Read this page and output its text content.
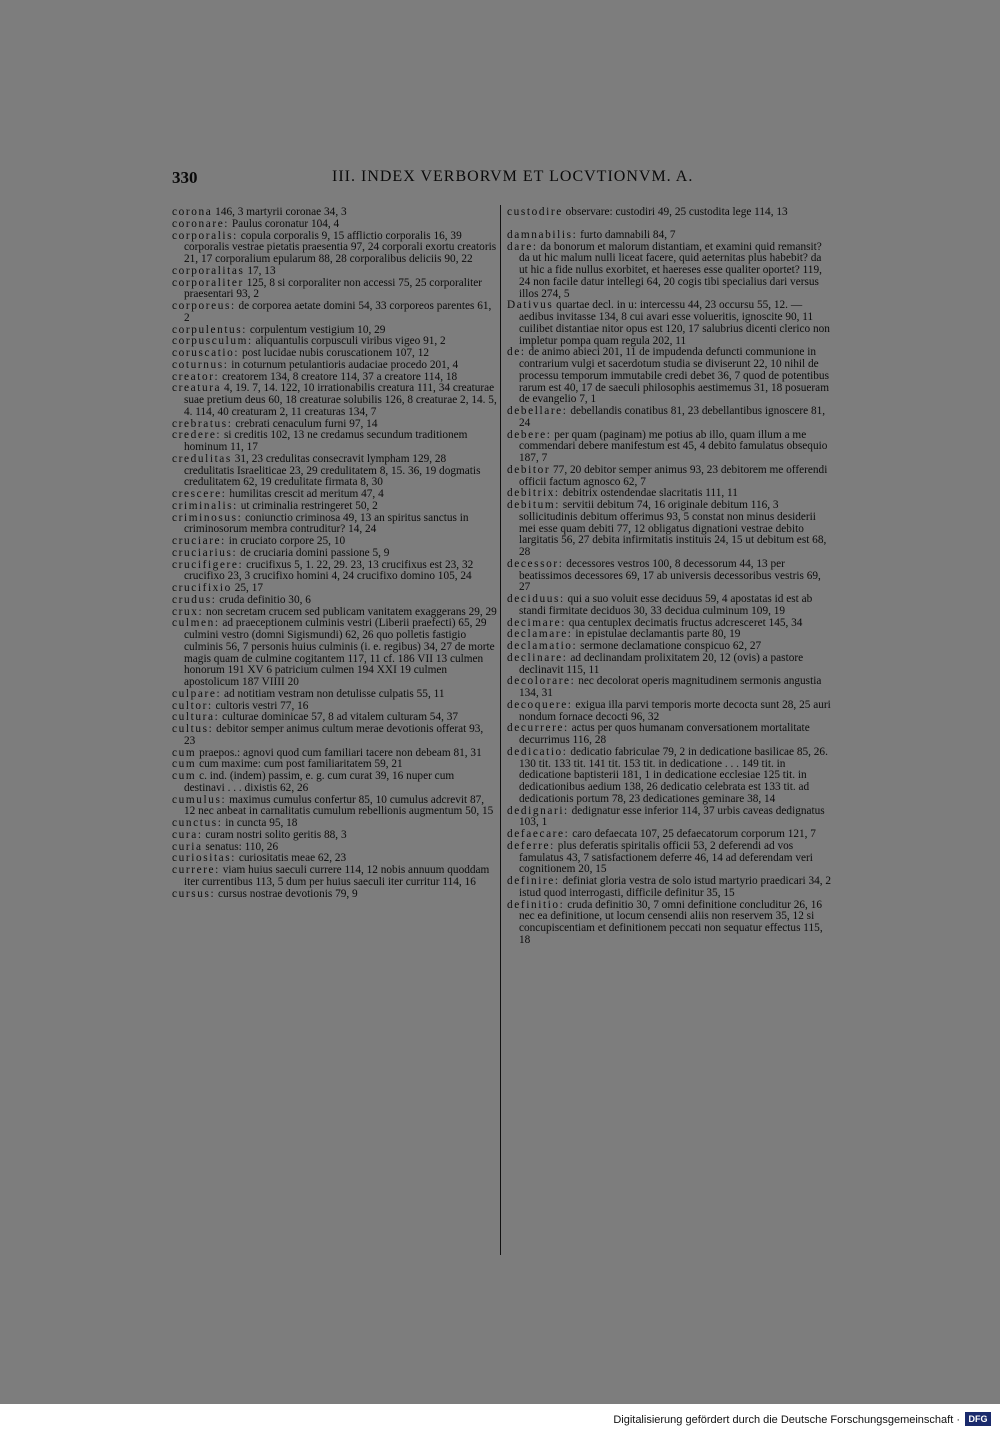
330	III. INDEX VERBORVM ET LOCVTIONVM. A.

corona 146, 3 martyrii coronae 34, 3

coronare: Paulus coronatur 104, 4

corporalis: copula corporalis 9, 15 afflictio corporalis 16, 39 corporalis vestrae pietatis praesentia 97, 24 corporali exortu creatoris 21, 17 corporalium epularum 88, 28 corporalibus deliciis 90, 22

corporalitas 17, 13

corporaliter 125, 8 si corporaliter non accessi 75, 25 corporaliter praesentari 93, 2

corporeus: de corporea aetate domini 54, 33 corporeos parentes 61, 2

corpulentus: corpulentum vestigium 10, 29

corpusculum: aliquantulis corpusculi viribus vigeo 91, 2

coruscatio: post lucidae nubis coruscationem 107, 12

coturnus: in coturnum petulantioris audaciae procedo 201, 4

creator: creatorem 134, 8 creatore 114, 37 a creatore 114, 18

creatura 4, 19. 7, 14. 122, 10 irrationabilis creatura 111, 34 creaturae suae pretium deus 60, 18 creaturae solubilis 126, 8 creaturae 2, 14. 5, 4. 114, 40 creaturam 2, 11 creaturas 134, 7

crebratus: crebrati cenaculum furni 97, 14

credere: si creditis 102, 13 ne credamus secundum traditionem hominum 11, 17

credulitas 31, 23 credulitas consecravit lympham 129, 28 credulitatis Israeliticae 23, 29 credulitatem 8, 15. 36, 19 dogmatis credulitatem 62, 19 credulitate firmata 8, 30

crescere: humilitas crescit ad meritum 47, 4

criminalis: ut criminalia restringeret 50, 2

criminosus: coniunctio criminosa 49, 13 an spiritus sanctus in criminosorum membra contruditur? 14, 24

cruciare: in cruciato corpore 25, 10

cruciarius: de cruciaria domini passione 5, 9

crucifigere: crucifixus 5, 1. 22, 29. 23, 13 crucifixus est 23, 32 crucifixo 23, 3 crucifixo homini 4, 24 crucifixo domino 105, 24

crucifixio 25, 17

crudus: cruda definitio 30, 6

crux: non secretam crucem sed publicam vanitatem exaggerans 29, 29

culmen: ad praeceptionem culminis vestri (Liberii praefecti) 65, 29 culmini vestro (domni Sigismundi) 62, 26 quo polletis fastigio culminis 56, 7 personis huius culminis (i. e. regibus) 34, 27 de morte magis quam de culmine cogitantem 117, 11 cf. 186 VII 13 culmen honorum 191 XV 6 patricium culmen 194 XXI 19 culmen apostolicum 187 VIIII 20

culpare: ad notitiam vestram non detulisse culpatis 55, 11

cultor: cultoris vestri 77, 16

cultura: culturae dominicae 57, 8 ad vitalem culturam 54, 37

cultus: debitor semper animus cultum merae devotionis offerat 93, 23

cum praepos.: agnovi quod cum familiari tacere non debeam 81, 31

cum cum maxime: cum post familiaritatem 59, 21

cum c. ind. (indem) passim, e. g. cum curat 39, 16 nuper cum destinavi . . . dixistis 62, 26

cumulus: maximus cumulus confertur 85, 10 cumulus adcrevit 87, 12 nec anbeat in carnalitatis cumulum rebellionis augmentum 50, 15

cunctus: in cuncta 95, 18

cura: curam nostri solito geritis 88, 3

curia senatus: 110, 26

curiositas: curiositatis meae 62, 23

currere: viam huius saeculi currere 114, 12 nobis annuum quoddam iter currentibus 113, 5 dum per huius saeculi iter curritur 114, 16

cursus: cursus nostrae devotionis 79, 9

custodire observare: custodiri 49, 25 custodita lege 114, 13

damnabilis: furto damnabili 84, 7

dare: da bonorum et malorum distantiam, et examini quid remansit? da ut hic malum nulli liceat facere, quid aeternitas plus habebit? da ut hic a fide nullus exorbitet, et haereses esse qualiter oportet? 119, 24 non facile datur intellegi 64, 20 cogis tibi specialius dari versus illos 274, 5

Dativus quartae decl. in u: intercessu 44, 23 occursu 55, 12. — aedibus invitasse 134, 8 cui avari esse volueritis, ignoscite 90, 11 cuilibet distantiae nitor opus est 120, 17 salubrius dicenti clerico non impletur pompa quam regula 202, 11

de: de animo abieci 201, 11 de impudenda defuncti communione in contrarium vulgi et sacerdotum studia se diviserunt 22, 10 nihil de processu temporum immutabile credi debet 36, 7 quod de potentibus rarum est 40, 17 de saeculi philosophis aestimemus 31, 18 posueram de evangelio 7, 1

debellare: debellandis conatibus 81, 23 debellantibus ignoscere 81, 24

debere: per quam (paginam) me potius ab illo, quam illum a me commendari debere manifestum est 45, 4 debito famulatus obsequio 187, 7

debitor 77, 20 debitor semper animus 93, 23 debitorem me offerendi officii factum agnosco 62, 7

debitrix: debitrix ostendendae slacritatis 111, 11

debitum: servitii debitum 74, 16 originale debitum 116, 3 sollicitudinis debitum offerimus 93, 5 constat non minus desiderii mei esse quam debiti 77, 12 obligatus dignationi vestrae debito largitatis 56, 27 debita infirmitatis instituis 24, 15 ut debitum est 68, 28

decessor: decessores vestros 100, 8 decessorum 44, 13 per beatissimos decessores 69, 17 ab universis decessoribus vestris 69, 27

deciduus: qui a suo voluit esse deciduus 59, 4 apostatas id est ab standi firmitate deciduos 30, 33 decidua culminum 109, 19

decimare: qua centuplex decimatis fructus adcresceret 145, 34

declamare: in epistulae declamantis parte 80, 19

declamatio: sermone declamatione conspicuo 62, 27

declinare: ad declinandam prolixitatem 20, 12 (ovis) a pastore declinavit 115, 11

decolorare: nec decolorat operis magnitudinem sermonis angustia 134, 31

decoquere: exigua illa parvi temporis morte decocta sunt 28, 25 auri nondum fornace decocti 96, 32

decurrere: actus per quos humanam conversationem mortalitate decurrimus 116, 28

dedicatio: dedicatio fabriculae 79, 2 in dedicatione basilicae 85, 26. 130 tit. 133 tit. 141 tit. 153 tit. in dedicatione . . . 149 tit. in dedicatione baptisterii 181, 1 in dedicatione ecclesiae 125 tit. in dedicationibus aedium 138, 26 dedicatio celebrata est 133 tit. ad dedicationis portum 78, 23 dedicationes geminare 38, 14

dedignari: dedignatur esse inferior 114, 37 urbis caveas dedignatus 103, 1

defaecare: caro defaecata 107, 25 defaecatorum corporum 121, 7

deferre: plus deferatis spiritalis officii 53, 2 deferendi ad vos famulatus 43, 7 satisfactionem deferre 46, 14 ad deferendam veri cognitionem 20, 15

definire: definiat gloria vestra de solo istud martyrio praedicari 34, 2 istud quod interrogasti, difficile definitur 35, 15

definitio: cruda definitio 30, 7 omni definitione concluditur 26, 16 nec ea definitione, ut locum censendi aliis non reservem 35, 12 si concupiscentiam et definitionem peccati non sequatur effectus 115, 18

Digitalisierung gefördert durch die Deutsche Forschungsgemeinschaft · DFG
